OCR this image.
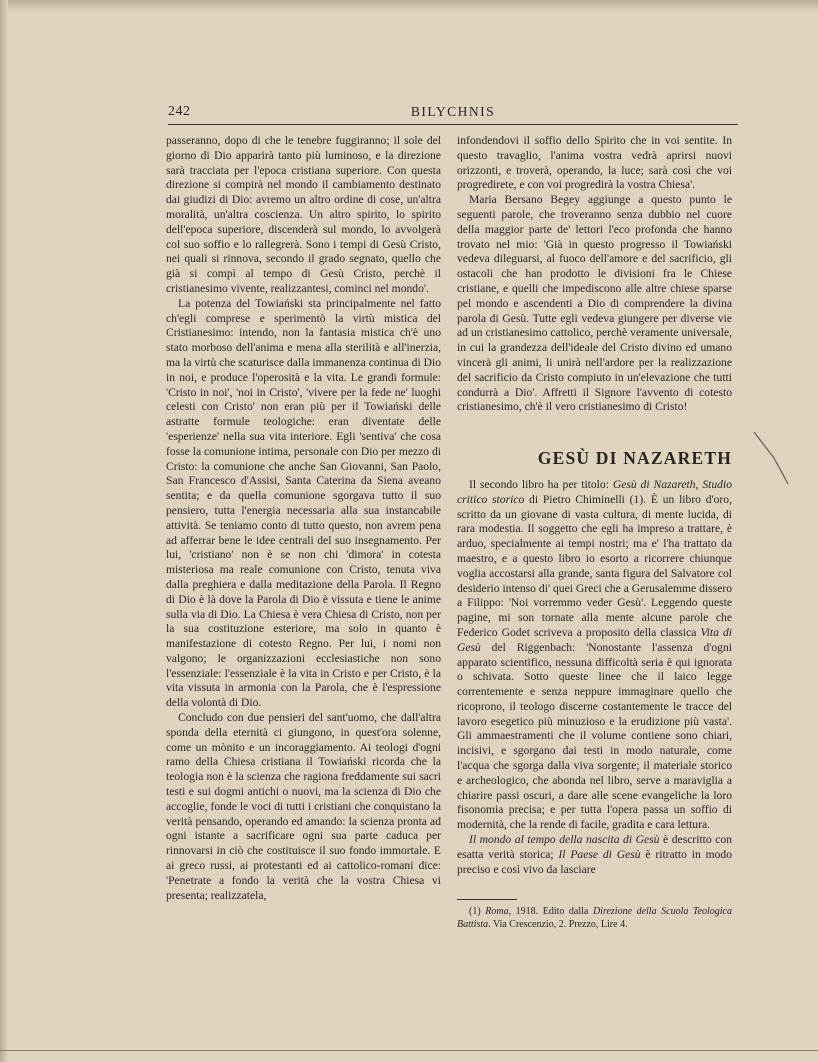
242	BILYCHNIS

passeranno, dopo di che le tenebre fuggiranno; il sole del giorno di Dio apparirà tanto più luminoso, e la direzione sarà tracciata per l'epoca cristiana superiore. Con questa direzione si compirà nel mondo il cambiamento destinato dai giudizi di Dio: avremo un altro ordine di cose, un'altra moralità, un'altra coscienza. Un altro spirito, lo spirito dell'epoca superiore, discenderà sul mondo, lo avvolgerà col suo soffio e lo rallegrerà. Sono i tempi di Gesù Cristo, nei quali si rinnova, secondo il grado segnato, quello che già si compì al tempo di Gesù Cristo, perchè il cristianesimo vivente, realizzantesi, cominci nel mondo'.

La potenza del Towiański sta principalmente nel fatto ch'egli comprese e sperimentò la virtù mistica del Cristianesimo: intendo, non la fantasia mistica ch'è uno stato morboso dell'anima e mena alla sterilità e all'inerzia, ma la virtù che scaturisce dalla immanenza continua di Dio in noi, e produce l'operosità e la vita. Le grandi formule: 'Cristo in noi', 'noi in Cristo', 'vivere per la fede ne' luoghi celesti con Cristo' non eran più per il Towiański delle astratte formule teologiche: eran diventate delle 'esperienze' nella sua vita interiore. Egli 'sentiva' che cosa fosse la comunione intima, personale con Dio per mezzo di Cristo: la comunione che anche San Giovanni, San Paolo, San Francesco d'Assisi, Santa Caterina da Siena aveano sentita; e da quella comunione sgorgava tutto il suo pensiero, tutta l'energia necessaria alla sua instancabile attività. Se teniamo conto di tutto questo, non avrem pena ad afferrar bene le idee centrali del suo insegnamento. Per lui, 'cristiano' non è se non chi 'dimora' in cotesta misteriosa ma reale comunione con Cristo, tenuta viva dalla preghiera e dalla meditazione della Parola. Il Regno di Dio è là dove la Parola di Dio è vissuta e tiene le anime sulla via di Dio. La Chiesa è vera Chiesa di Cristo, non per la sua costituzione esteriore, ma solo in quanto è manifestazione di cotesto Regno. Per lui, i nomi non valgono; le organizzazioni ecclesiastiche non sono l'essenziale: l'essenziale è la vita in Cristo e per Cristo, è la vita vissuta in armonia con la Parola, che è l'espressione della volontà di Dio.

Concludo con due pensieri del sant'uomo, che dall'altra sponda della eternità ci giungono, in quest'ora solenne, come un mònito e un incoraggiamento. Ai teologi d'ogni ramo della Chiesa cristiana il Towiański ricorda che la teologia non è la scienza che ragiona freddamente sui sacri testi e sui dogmi antichi o nuovi, ma la scienza di Dio che accoglie, fonde le voci di tutti i cristiani che conquistano la verità pensando, operando ed amando: la scienza pronta ad ogni istante a sacrificare ogni sua parte caduca per rinnovarsi in ciò che costituisce il suo fondo immortale. E ai greco russi, ai protestanti ed ai cattolico-romani dice: 'Penetrate a fondo la verità che la vostra Chiesa vi presenta; realizzatela,

infondendovi il soffio dello Spirito che in voi sentite. In questo travaglio, l'anima vostra vedrà aprirsi nuovi orizzonti, e troverà, operando, la luce; sarà così che voi progredirete, e con voi progredirà la vostra Chiesa'.

Maria Bersano Begey aggiunge a questo punto le seguenti parole, che troveranno senza dubbio nel cuore della maggior parte de' lettori l'eco profonda che hanno trovato nel mio: 'Già in questo progresso il Towiański vedeva dileguarsi, al fuoco dell'amore e del sacrificio, gli ostacoli che han prodotto le divisioni fra le Chiese cristiane, e quelli che impediscono alle altre chiese sparse pel mondo e ascendenti a Dio di comprendere la divina parola di Gesù. Tutte egli vedeva giungere per diverse vie ad un cristianesimo cattolico, perchè veramente universale, in cui la grandezza dell'ideale del Cristo divino ed umano vincerà gli animi, li unirà nell'ardore per la realizzazione del sacrificio da Cristo compiuto in un'elevazione che tutti condurrà a Dio'. Affretti il Signore l'avvento di cotesto cristianesimo, ch'è il vero cristianesimo di Cristo!

GESÙ DI NAZARETH

Il secondo libro ha per titolo: Gesù di Nazareth, Studio critico storico di Pietro Chiminelli (1). È un libro d'oro, scritto da un giovane di vasta cultura, di mente lucida, di rara modestia. Il soggetto che egli ha impreso a trattare, è arduo, specialmente ai tempi nostri; ma e' l'ha trattato da maestro, e a questo libro io esorto a ricorrere chiunque voglia accostarsi alla grande, santa figura del Salvatore col desiderio intenso di' quei Greci che a Gerusalemme dissero a Filippo: 'Noi vorremmo veder Gesù'. Leggendo queste pagine, mi son tornate alla mente alcune parole che Federico Godet scriveva a proposito della classica Vita di Gesù del Riggenbach: 'Nonostante l'assenza d'ogni apparato scientifico, nessuna difficoltà seria è qui ignorata o schivata. Sotto queste linee che il laico legge correntemente e senza neppure immaginare quello che ricoprono, il teologo discerne costantemente le tracce del lavoro esegetico più minuzioso e la erudizione più vasta'. Gli ammaestramenti che il volume contiene sono chiari, incisivi, e sgorgano dai testi in modo naturale, come l'acqua che sgorga dalla viva sorgente; il materiale storico e archeologico, che abonda nel libro, serve a maraviglia a chiarire passi oscuri, a dare alle scene evangeliche la loro fisonomia precisa; e per tutta l'opera passa un soffio di modernità, che la rende di facile, gradita e cara lettura.

Il mondo al tempo della nascita di Gesù è descritto con esatta verità storica; Il Paese di Gesù è ritratto in modo preciso e così vivo da lasciare

(1) Roma, 1918. Edito dalla Direzione della Scuola Teologica Battista. Via Crescenzio, 2. Prezzo, Lire 4.
